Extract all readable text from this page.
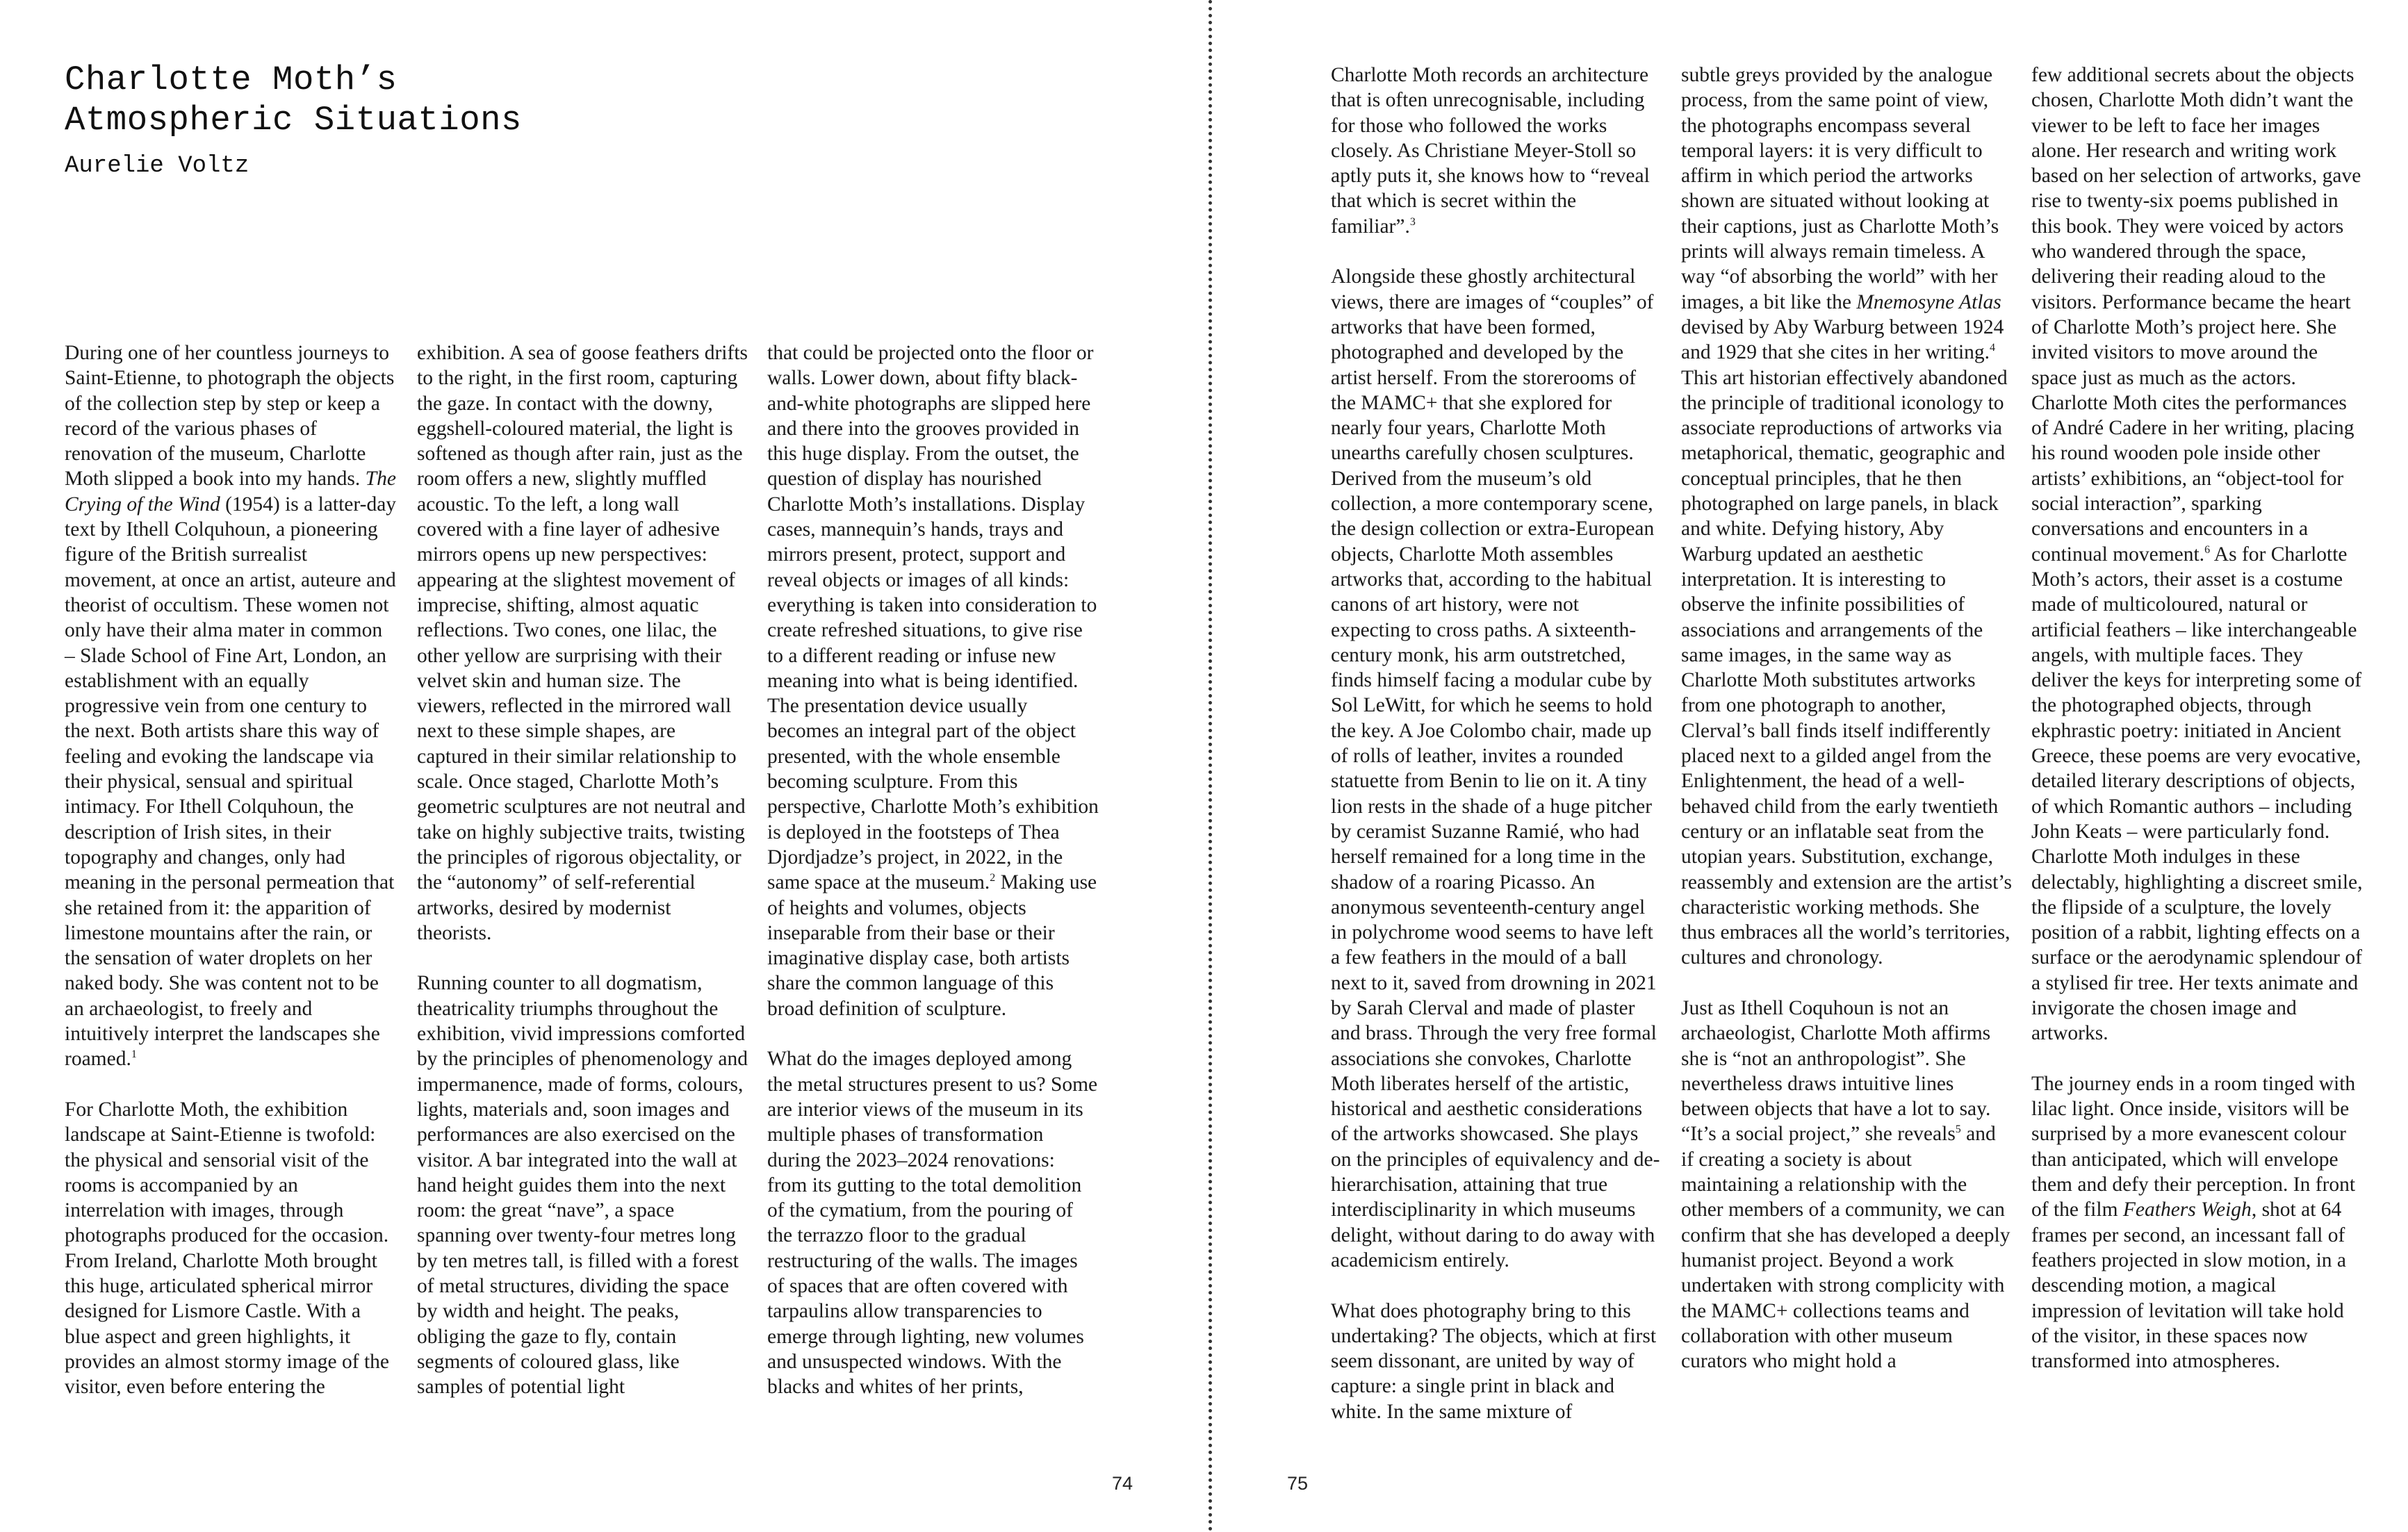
Charlotte Moth’s
Atmospheric Situations
Aurelie Voltz

During one of her countless journeys to Saint-Etienne, to photograph the objects of the collection step by step or keep a record of the various phases of renovation of the museum, Charlotte Moth slipped a book into my hands. The Crying of the Wind (1954) is a latter-day text by Ithell Colquhoun, a pioneering figure of the British surrealist movement, at once an artist, auteure and theorist of occultism. These women not only have their alma mater in common – Slade School of Fine Art, London, an establishment with an equally progressive vein from one century to the next. Both artists share this way of feeling and evoking the landscape via their physical, sensual and spiritual intimacy. For Ithell Colquhoun, the description of Irish sites, in their topography and changes, only had meaning in the personal permeation that she retained from it: the apparition of limestone mountains after the rain, or the sensation of water droplets on her naked body. She was content not to be an archaeologist, to freely and intuitively interpret the landscapes she roamed.$^1$

For Charlotte Moth, the exhibition landscape at Saint-Etienne is twofold: the physical and sensorial visit of the rooms is accompanied by an interrelation with images, through photographs produced for the occasion. From Ireland, Charlotte Moth brought this huge, articulated spherical mirror designed for Lismore Castle. With a blue aspect and green highlights, it provides an almost stormy image of the visitor, even before entering the

exhibition. A sea of goose feathers drifts to the right, in the first room, capturing the gaze. In contact with the downy, eggshell-coloured material, the light is softened as though after rain, just as the room offers a new, slightly muffled acoustic. To the left, a long wall covered with a fine layer of adhesive mirrors opens up new perspectives: appearing at the slightest movement of imprecise, shifting, almost aquatic reflections. Two cones, one lilac, the other yellow are surprising with their velvet skin and human size. The viewers, reflected in the mirrored wall next to these simple shapes, are captured in their similar relationship to scale. Once staged, Charlotte Moth’s geometric sculptures are not neutral and take on highly subjective traits, twisting the principles of rigorous objectality, or the “autonomy” of self-referential artworks, desired by modernist theorists.

Running counter to all dogmatism, theatricality triumphs throughout the exhibition, vivid impressions comforted by the principles of phenomenology and impermanence, made of forms, colours, lights, materials and, soon images and performances are also exercised on the visitor. A bar integrated into the wall at hand height guides them into the next room: the great “nave”, a space spanning over twenty-four metres long by ten metres tall, is filled with a forest of metal structures, dividing the space by width and height. The peaks, obliging the gaze to fly, contain segments of coloured glass, like samples of potential light

that could be projected onto the floor or walls. Lower down, about fifty black-and-white photographs are slipped here and there into the grooves provided in this huge display. From the outset, the question of display has nourished Charlotte Moth’s installations. Display cases, mannequin’s hands, trays and mirrors present, protect, support and reveal objects or images of all kinds: everything is taken into consideration to create refreshed situations, to give rise to a different reading or infuse new meaning into what is being identified. The presentation device usually becomes an integral part of the object presented, with the whole ensemble becoming sculpture. From this perspective, Charlotte Moth’s exhibition is deployed in the footsteps of Thea Djordjadze’s project, in 2022, in the same space at the museum.$^2$ Making use of heights and volumes, objects inseparable from their base or their imaginative display case, both artists share the common language of this broad definition of sculpture.

What do the images deployed among the metal structures present to us? Some are interior views of the museum in its multiple phases of transformation during the 2023–2024 renovations: from its gutting to the total demolition of the cymatium, from the pouring of the terrazzo floor to the gradual restructuring of the walls. The images of spaces that are often covered with tarpaulins allow transparencies to emerge through lighting, new volumes and unsuspected windows. With the blacks and whites of her prints,

74

Charlotte Moth records an architecture that is often unrecognisable, including for those who followed the works closely. As Christiane Meyer-Stoll so aptly puts it, she knows how to “reveal that which is secret within the familiar”.$^3$

Alongside these ghostly architectural views, there are images of “couples” of artworks that have been formed, photographed and developed by the artist herself. From the storerooms of the MAMC+ that she explored for nearly four years, Charlotte Moth unearths carefully chosen sculptures. Derived from the museum’s old collection, a more contemporary scene, the design collection or extra-European objects, Charlotte Moth assembles artworks that, according to the habitual canons of art history, were not expecting to cross paths. A sixteenth-century monk, his arm outstretched, finds himself facing a modular cube by Sol LeWitt, for which he seems to hold the key. A Joe Colombo chair, made up of rolls of leather, invites a rounded statuette from Benin to lie on it. A tiny lion rests in the shade of a huge pitcher by ceramist Suzanne Ramié, who had herself remained for a long time in the shadow of a roaring Picasso. An anonymous seventeenth-century angel in polychrome wood seems to have left a few feathers in the mould of a ball next to it, saved from drowning in 2021 by Sarah Clerval and made of plaster and brass. Through the very free formal associations she convokes, Charlotte Moth liberates herself of the artistic, historical and aesthetic considerations of the artworks showcased. She plays on the principles of equivalency and de-hierarchisation, attaining that true interdisciplinarity in which museums delight, without daring to do away with academicism entirely.

What does photography bring to this undertaking? The objects, which at first seem dissonant, are united by way of capture: a single print in black and white. In the same mixture of

subtle greys provided by the analogue process, from the same point of view, the photographs encompass several temporal layers: it is very difficult to affirm in which period the artworks shown are situated without looking at their captions, just as Charlotte Moth’s prints will always remain timeless. A way “of absorbing the world” with her images, a bit like the Mnemosyne Atlas devised by Aby Warburg between 1924 and 1929 that she cites in her writing.$^4$ This art historian effectively abandoned the principle of traditional iconology to associate reproductions of artworks via metaphorical, thematic, geographic and conceptual principles, that he then photographed on large panels, in black and white. Defying history, Aby Warburg updated an aesthetic interpretation. It is interesting to observe the infinite possibilities of associations and arrangements of the same images, in the same way as Charlotte Moth substitutes artworks from one photograph to another, Clerval’s ball finds itself indifferently placed next to a gilded angel from the Enlightenment, the head of a well-behaved child from the early twentieth century or an inflatable seat from the utopian years. Substitution, exchange, reassembly and extension are the artist’s characteristic working methods. She thus embraces all the world’s territories, cultures and chronology.

Just as Ithell Coquhoun is not an archaeologist, Charlotte Moth affirms she is “not an anthropologist”. She nevertheless draws intuitive lines between objects that have a lot to say. “It’s a social project,” she reveals$^5$ and if creating a society is about maintaining a relationship with the other members of a community, we can confirm that she has developed a deeply humanist project. Beyond a work undertaken with strong complicity with the MAMC+ collections teams and collaboration with other museum curators who might hold a

few additional secrets about the objects chosen, Charlotte Moth didn’t want the viewer to be left to face her images alone. Her research and writing work based on her selection of artworks, gave rise to twenty-six poems published in this book. They were voiced by actors who wandered through the space, delivering their reading aloud to the visitors. Performance became the heart of Charlotte Moth’s project here. She invited visitors to move around the space just as much as the actors. Charlotte Moth cites the performances of André Cadere in her writing, placing his round wooden pole inside other artists’ exhibitions, an “object-tool for social interaction”, sparking conversations and encounters in a continual movement.$^6$ As for Charlotte Moth’s actors, their asset is a costume made of multicoloured, natural or artificial feathers – like interchangeable angels, with multiple faces. They deliver the keys for interpreting some of the photographed objects, through ekphrastic poetry: initiated in Ancient Greece, these poems are very evocative, detailed literary descriptions of objects, of which Romantic authors – including John Keats – were particularly fond. Charlotte Moth indulges in these delectably, highlighting a discreet smile, the flipside of a sculpture, the lovely position of a rabbit, lighting effects on a surface or the aerodynamic splendour of a stylised fir tree. Her texts animate and invigorate the chosen image and artworks.

The journey ends in a room tinged with lilac light. Once inside, visitors will be surprised by a more evanescent colour than anticipated, which will envelope them and defy their perception. In front of the film Feathers Weigh, shot at 64 frames per second, an incessant fall of feathers projected in slow motion, in a descending motion, a magical impression of levitation will take hold of the visitor, in these spaces now transformed into atmospheres.

75
